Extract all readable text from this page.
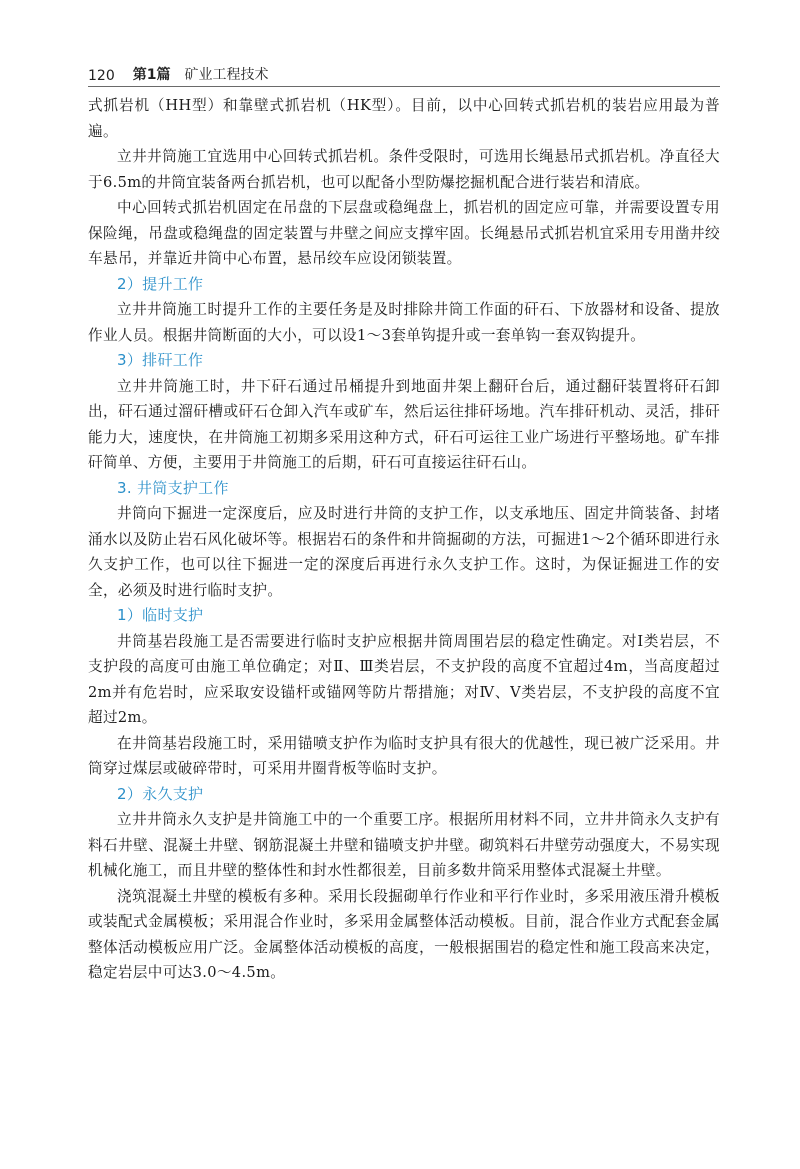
120 第1篇 矿业工程技术

式抓岩机（HH型）和靠壁式抓岩机（HK型）。目前，以中心回转式抓岩机的装岩应用最为普遍。

立井井筒施工宜选用中心回转式抓岩机。条件受限时，可选用长绳悬吊式抓岩机。净直径大于6.5m的井筒宜装备两台抓岩机，也可以配备小型防爆挖掘机配合进行装岩和清底。

中心回转式抓岩机固定在吊盘的下层盘或稳绳盘上，抓岩机的固定应可靠，并需要设置专用保险绳，吊盘或稳绳盘的固定装置与井壁之间应支撑牢固。长绳悬吊式抓岩机宜采用专用凿井绞车悬吊，并靠近井筒中心布置，悬吊绞车应设闭锁装置。

2）提升工作

立井井筒施工时提升工作的主要任务是及时排除井筒工作面的矸石、下放器材和设备、提放作业人员。根据井筒断面的大小，可以设1～3套单钩提升或一套单钩一套双钩提升。

3）排矸工作

立井井筒施工时，井下矸石通过吊桶提升到地面井架上翻矸台后，通过翻矸装置将矸石卸出，矸石通过溜矸槽或矸石仓卸入汽车或矿车，然后运往排矸场地。汽车排矸机动、灵活，排矸能力大，速度快，在井筒施工初期多采用这种方式，矸石可运往工业广场进行平整场地。矿车排矸简单、方便，主要用于井筒施工的后期，矸石可直接运往矸石山。

3. 井筒支护工作

井筒向下掘进一定深度后，应及时进行井筒的支护工作，以支承地压、固定井筒装备、封堵涌水以及防止岩石风化破坏等。根据岩石的条件和井筒掘砌的方法，可掘进1～2个循环即进行永久支护工作，也可以往下掘进一定的深度后再进行永久支护工作。这时，为保证掘进工作的安全，必须及时进行临时支护。

1）临时支护

井筒基岩段施工是否需要进行临时支护应根据井筒周围岩层的稳定性确定。对Ⅰ类岩层，不支护段的高度可由施工单位确定；对Ⅱ、Ⅲ类岩层，不支护段的高度不宜超过4m，当高度超过2m并有危岩时，应采取安设锚杆或锚网等防片帮措施；对Ⅳ、Ⅴ类岩层，不支护段的高度不宜超过2m。

在井筒基岩段施工时，采用锚喷支护作为临时支护具有很大的优越性，现已被广泛采用。井筒穿过煤层或破碎带时，可采用井圈背板等临时支护。

2）永久支护

立井井筒永久支护是井筒施工中的一个重要工序。根据所用材料不同，立井井筒永久支护有料石井壁、混凝土井壁、钢筋混凝土井壁和锚喷支护井壁。砌筑料石井壁劳动强度大，不易实现机械化施工，而且井壁的整体性和封水性都很差，目前多数井筒采用整体式混凝土井壁。

浇筑混凝土井壁的模板有多种。采用长段掘砌单行作业和平行作业时，多采用液压滑升模板或装配式金属模板；采用混合作业时，多采用金属整体活动模板。目前，混合作业方式配套金属整体活动模板应用广泛。金属整体活动模板的高度，一般根据围岩的稳定性和施工段高来决定，稳定岩层中可达3.0～4.5m。
